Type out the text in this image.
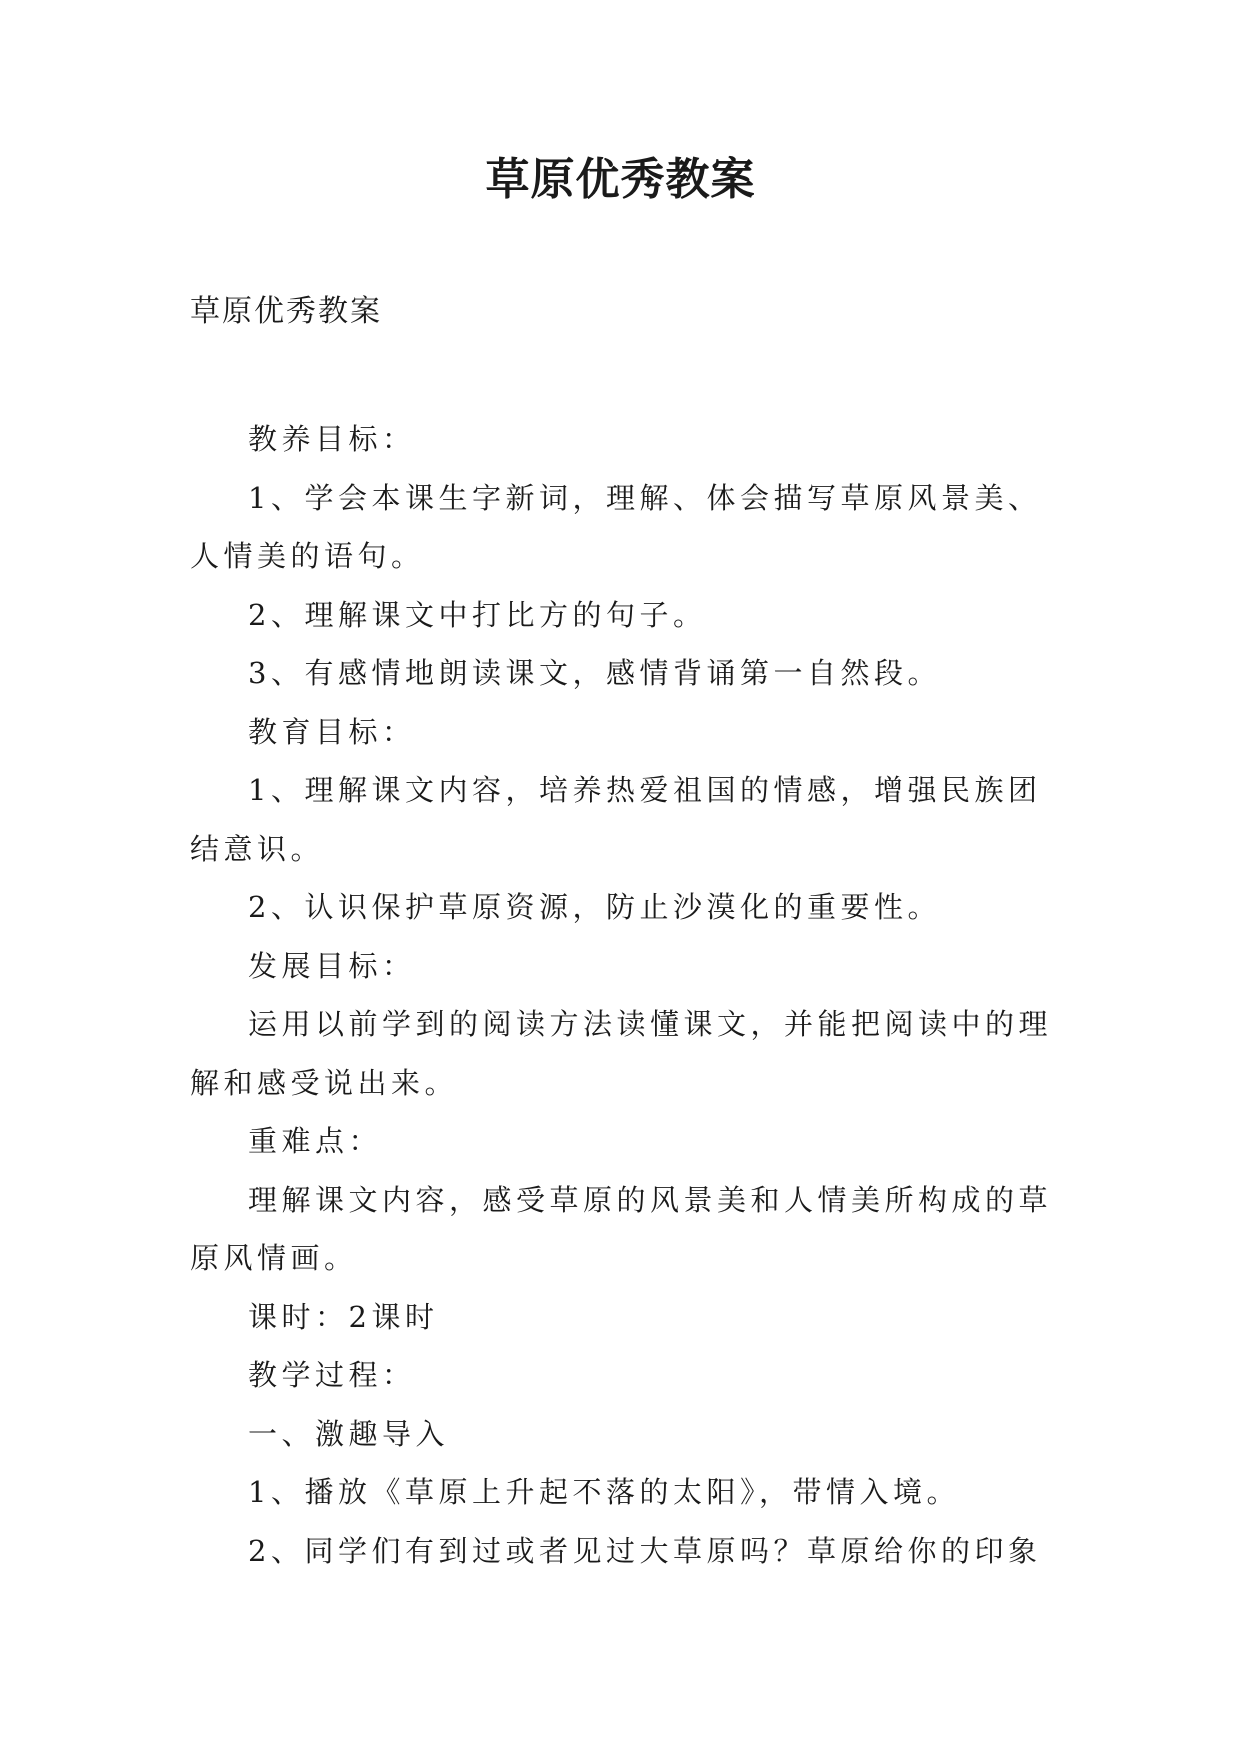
草原优秀教案

草原优秀教案

教养目标：

1、学会本课生字新词，理解、体会描写草原风景美、人情美的语句。

2、理解课文中打比方的句子。

3、有感情地朗读课文，感情背诵第一自然段。

教育目标：

1、理解课文内容，培养热爱祖国的情感，增强民族团结意识。

2、认识保护草原资源，防止沙漠化的重要性。

发展目标：

运用以前学到的阅读方法读懂课文，并能把阅读中的理解和感受说出来。

重难点：

理解课文内容，感受草原的风景美和人情美所构成的草原风情画。

课时：2课时

教学过程：

一、激趣导入

1、播放《草原上升起不落的太阳》，带情入境。

2、同学们有到过或者见过大草原吗？草原给你的印象
